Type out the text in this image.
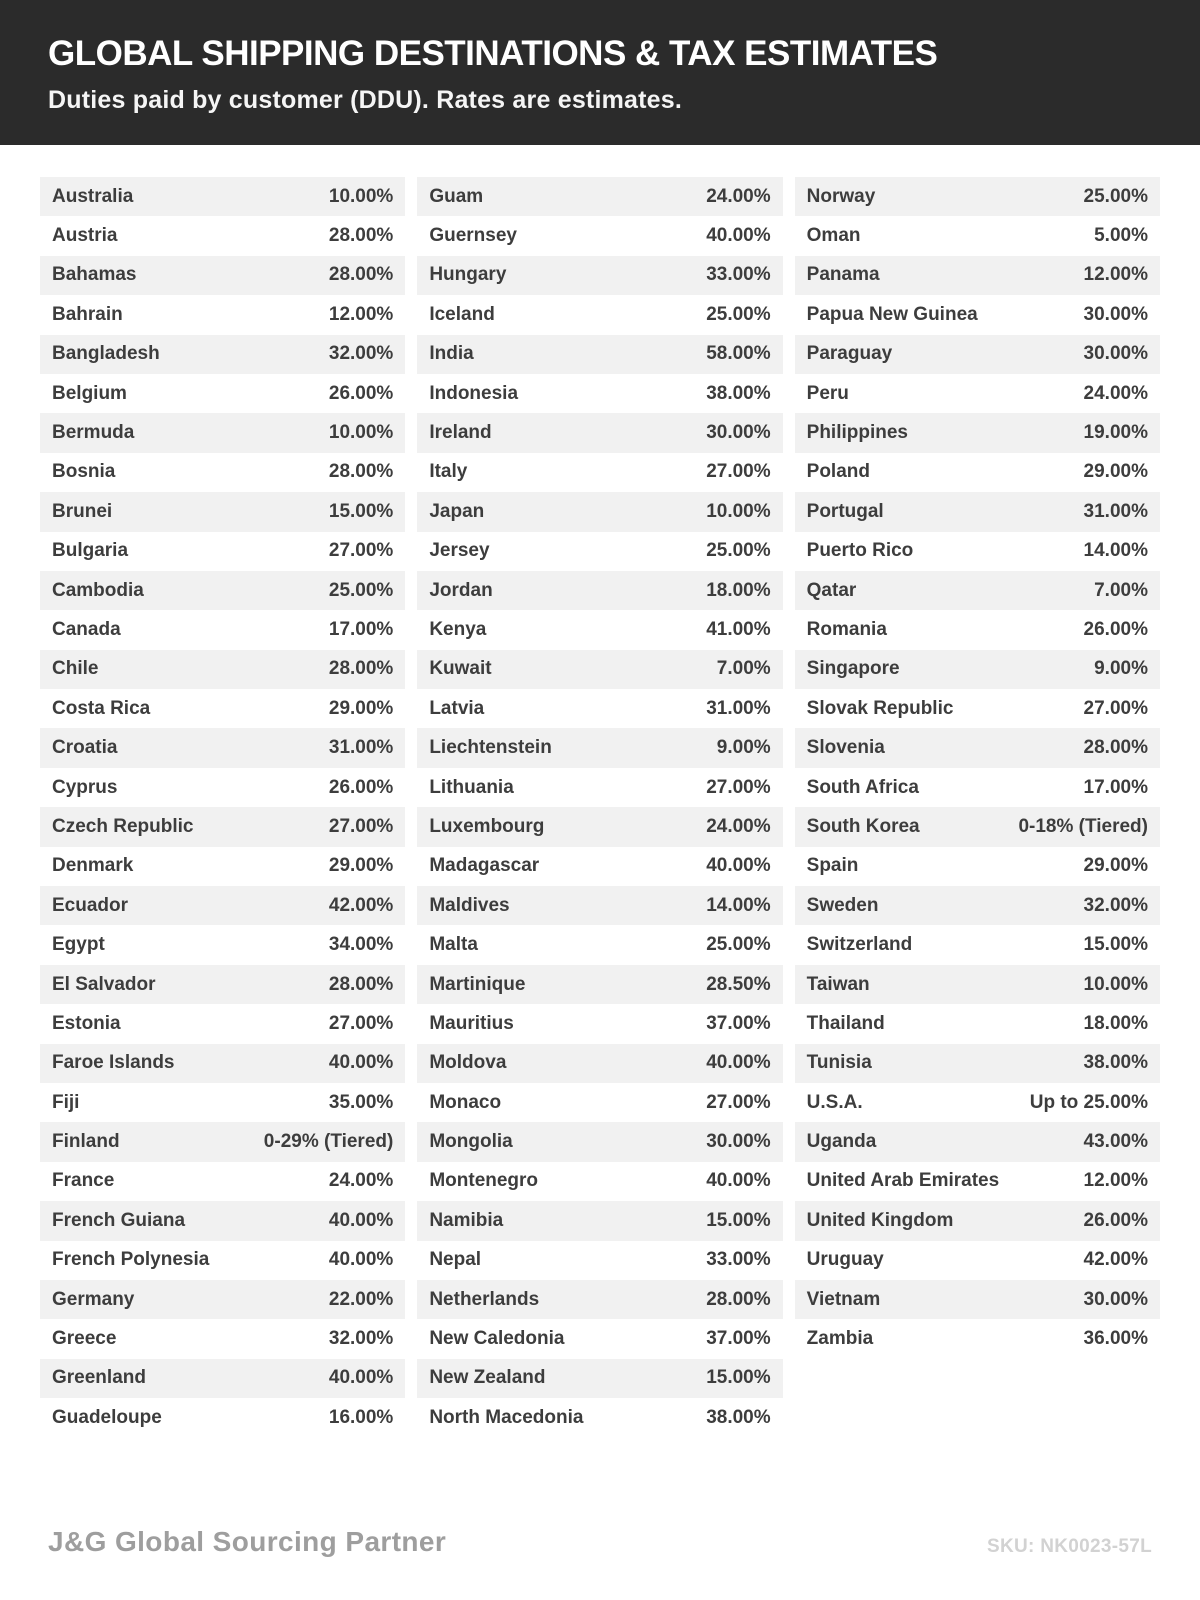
GLOBAL SHIPPING DESTINATIONS & TAX ESTIMATES

Duties paid by customer (DDU). Rates are estimates.

Australia	10.00%
Austria	28.00%
Bahamas	28.00%
Bahrain	12.00%
Bangladesh	32.00%
Belgium	26.00%
Bermuda	10.00%
Bosnia	28.00%
Brunei	15.00%
Bulgaria	27.00%
Cambodia	25.00%
Canada	17.00%
Chile	28.00%
Costa Rica	29.00%
Croatia	31.00%
Cyprus	26.00%
Czech Republic	27.00%
Denmark	29.00%
Ecuador	42.00%
Egypt	34.00%
El Salvador	28.00%
Estonia	27.00%
Faroe Islands	40.00%
Fiji	35.00%
Finland	0-29% (Tiered)
France	24.00%
French Guiana	40.00%
French Polynesia	40.00%
Germany	22.00%
Greece	32.00%
Greenland	40.00%
Guadeloupe	16.00%
Guam	24.00%
Guernsey	40.00%
Hungary	33.00%
Iceland	25.00%
India	58.00%
Indonesia	38.00%
Ireland	30.00%
Italy	27.00%
Japan	10.00%
Jersey	25.00%
Jordan	18.00%
Kenya	41.00%
Kuwait	7.00%
Latvia	31.00%
Liechtenstein	9.00%
Lithuania	27.00%
Luxembourg	24.00%
Madagascar	40.00%
Maldives	14.00%
Malta	25.00%
Martinique	28.50%
Mauritius	37.00%
Moldova	40.00%
Monaco	27.00%
Mongolia	30.00%
Montenegro	40.00%
Namibia	15.00%
Nepal	33.00%
Netherlands	28.00%
New Caledonia	37.00%
New Zealand	15.00%
North Macedonia	38.00%
Norway	25.00%
Oman	5.00%
Panama	12.00%
Papua New Guinea	30.00%
Paraguay	30.00%
Peru	24.00%
Philippines	19.00%
Poland	29.00%
Portugal	31.00%
Puerto Rico	14.00%
Qatar	7.00%
Romania	26.00%
Singapore	9.00%
Slovak Republic	27.00%
Slovenia	28.00%
South Africa	17.00%
South Korea	0-18% (Tiered)
Spain	29.00%
Sweden	32.00%
Switzerland	15.00%
Taiwan	10.00%
Thailand	18.00%
Tunisia	38.00%
U.S.A.	Up to 25.00%
Uganda	43.00%
United Arab Emirates	12.00%
United Kingdom	26.00%
Uruguay	42.00%
Vietnam	30.00%
Zambia	36.00%
J&G Global Sourcing Partner	SKU: NK0023-57L
